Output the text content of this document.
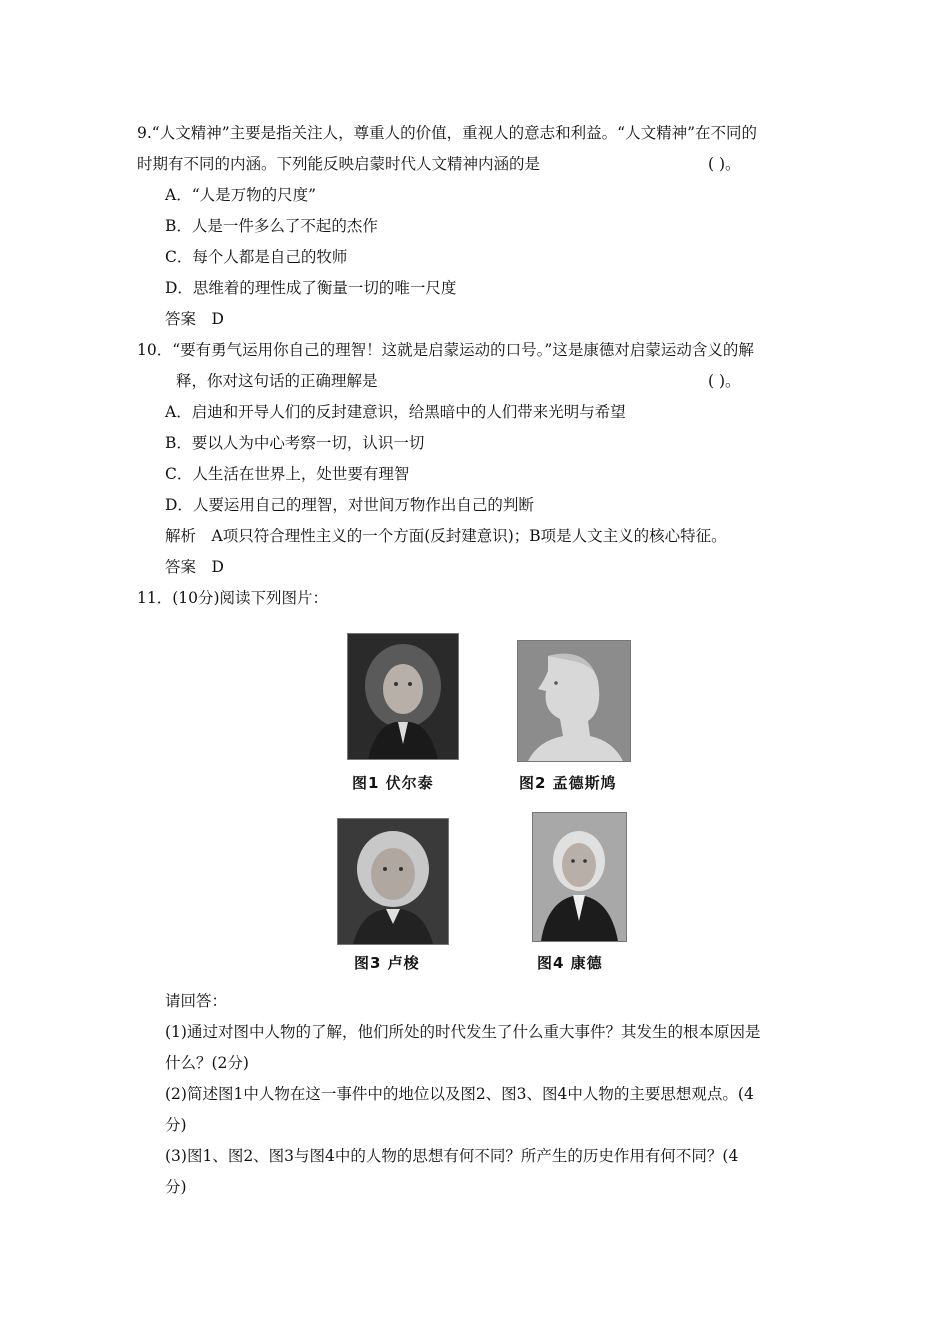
9.“人文精神”主要是指关注人，尊重人的价值，重视人的意志和利益。“人文精神”在不同的
时期有不同的内涵。下列能反映启蒙时代人文精神内涵的是	( )。
A．“人是万物的尺度”
B．人是一件多么了不起的杰作
C．每个人都是自己的牧师
D．思维着的理性成了衡量一切的唯一尺度
答案　D
10．“要有勇气运用你自己的理智！这就是启蒙运动的口号。”这是康德对启蒙运动含义的解
释，你对这句话的正确理解是	( )。
A．启迪和开导人们的反封建意识，给黑暗中的人们带来光明与希望
B．要以人为中心考察一切，认识一切
C．人生活在世界上，处世要有理智
D．人要运用自己的理智，对世间万物作出自己的判断
解析　A项只符合理性主义的一个方面(反封建意识)；B项是人文主义的核心特征。
答案　D
11．(10分)阅读下列图片：
图1 伏尔泰	图2 孟德斯鸠
图3 卢梭	图4 康德
请回答：
(1)通过对图中人物的了解，他们所处的时代发生了什么重大事件？其发生的根本原因是
什么？(2分)
(2)简述图1中人物在这一事件中的地位以及图2、图3、图4中人物的主要思想观点。(4
分)
(3)图1、图2、图3与图4中的人物的思想有何不同？所产生的历史作用有何不同？(4
分)
